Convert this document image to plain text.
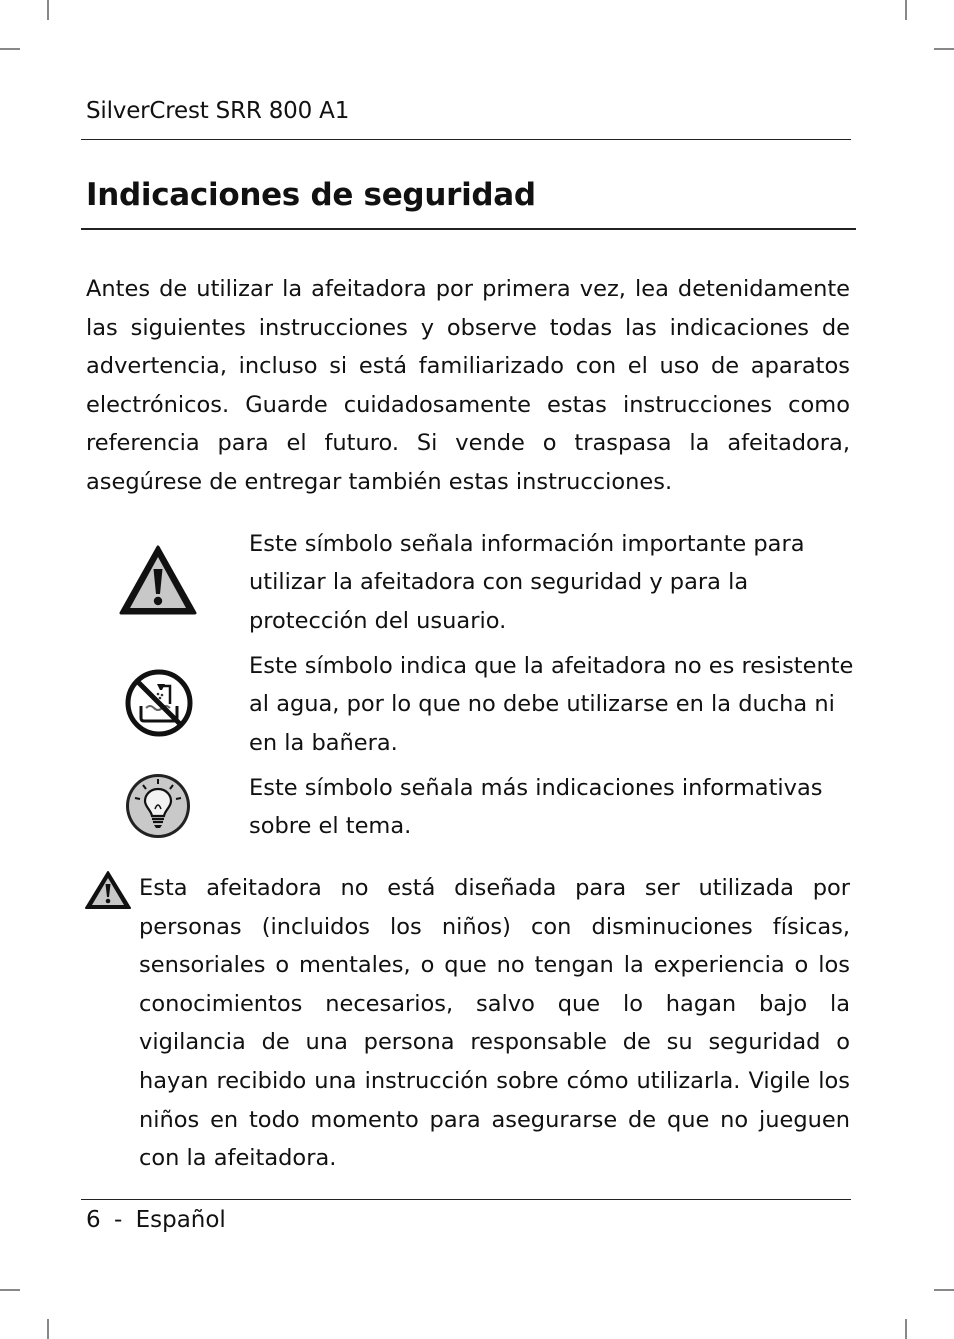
SilverCrest SRR 800 A1
Indicaciones de seguridad

Antes de utilizar la afeitadora por primera vez, lea detenidamente las siguientes instrucciones y observe todas las indicaciones de advertencia, incluso si está familiarizado con el uso de aparatos electrónicos. Guarde cuidadosamente estas instrucciones como referencia para el futuro. Si vende o traspasa la afeitadora, asegúrese de entregar también estas instrucciones.

Este símbolo señala información importante para utilizar la afeitadora con seguridad y para la protección del usuario.

Este símbolo indica que la afeitadora no es resistente al agua, por lo que no debe utilizarse en la ducha ni en la bañera.

Este símbolo señala más indicaciones informativas sobre el tema.

Esta afeitadora no está diseñada para ser utilizada por personas (incluidos los niños) con disminuciones físicas, sensoriales o mentales, o que no tengan la experiencia o los conocimientos necesarios, salvo que lo hagan bajo la vigilancia de una persona responsable de su seguridad o hayan recibido una instrucción sobre cómo utilizarla. Vigile los niños en todo momento para asegurarse de que no jueguen con la afeitadora.

6 - Español
